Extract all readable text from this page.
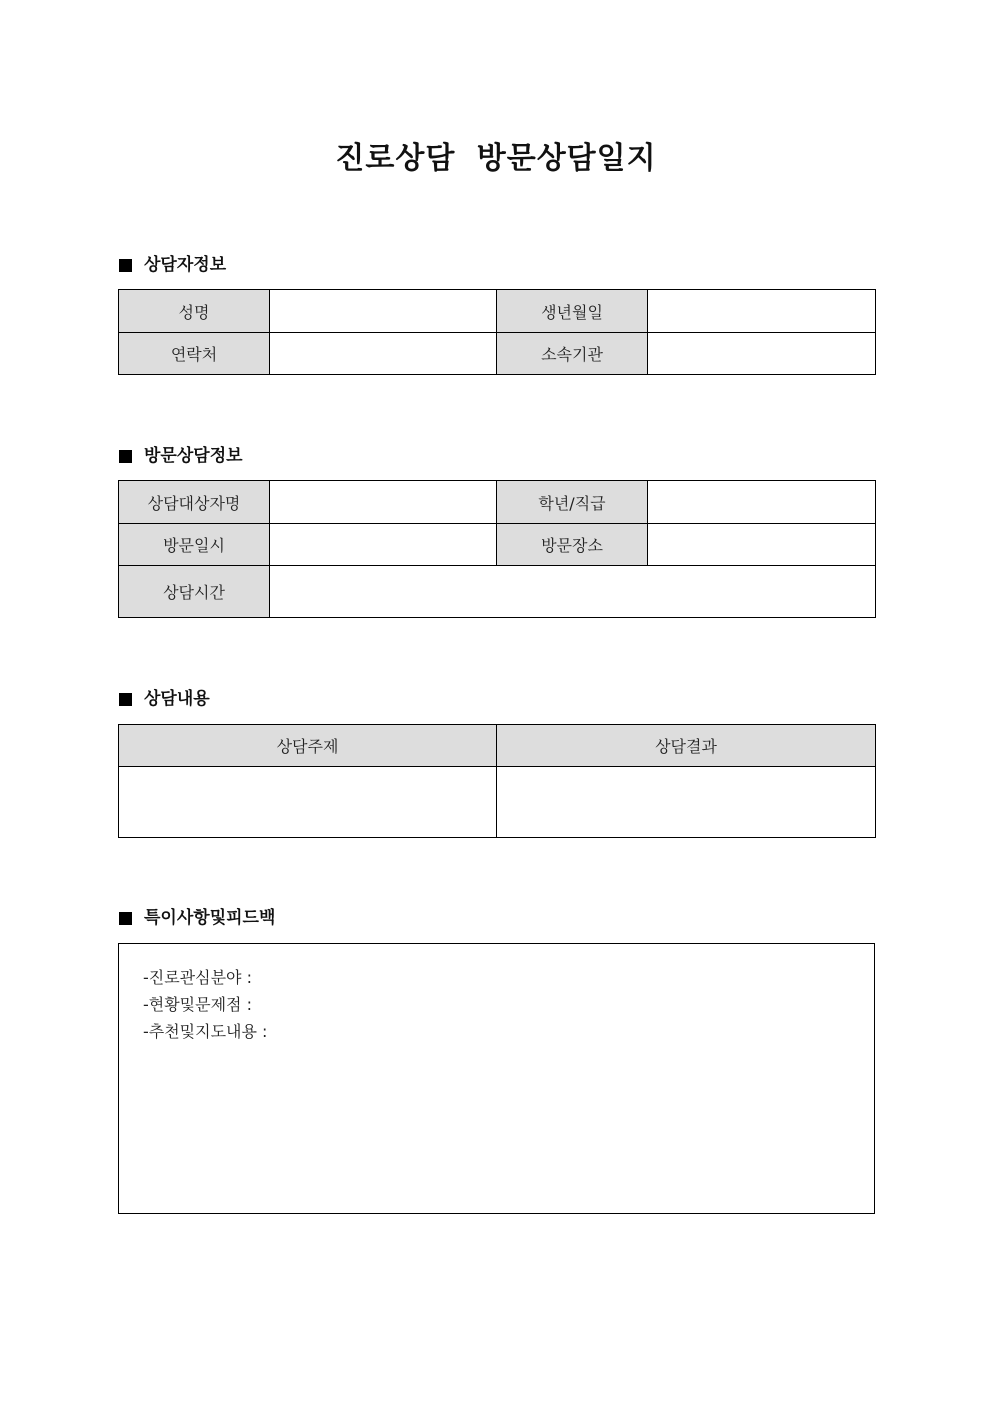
진로상담 방문상담일지
상담자정보
성명		생년월일	
연락처		소속기관	
방문상담정보
상담대상자명		학년/직급	
방문일시		방문장소	
상담시간			
상담내용
상담주제	상담결과

특이사항및피드백
-진로관심분야 :
-현황및문제점 :
-추천및지도내용 :
